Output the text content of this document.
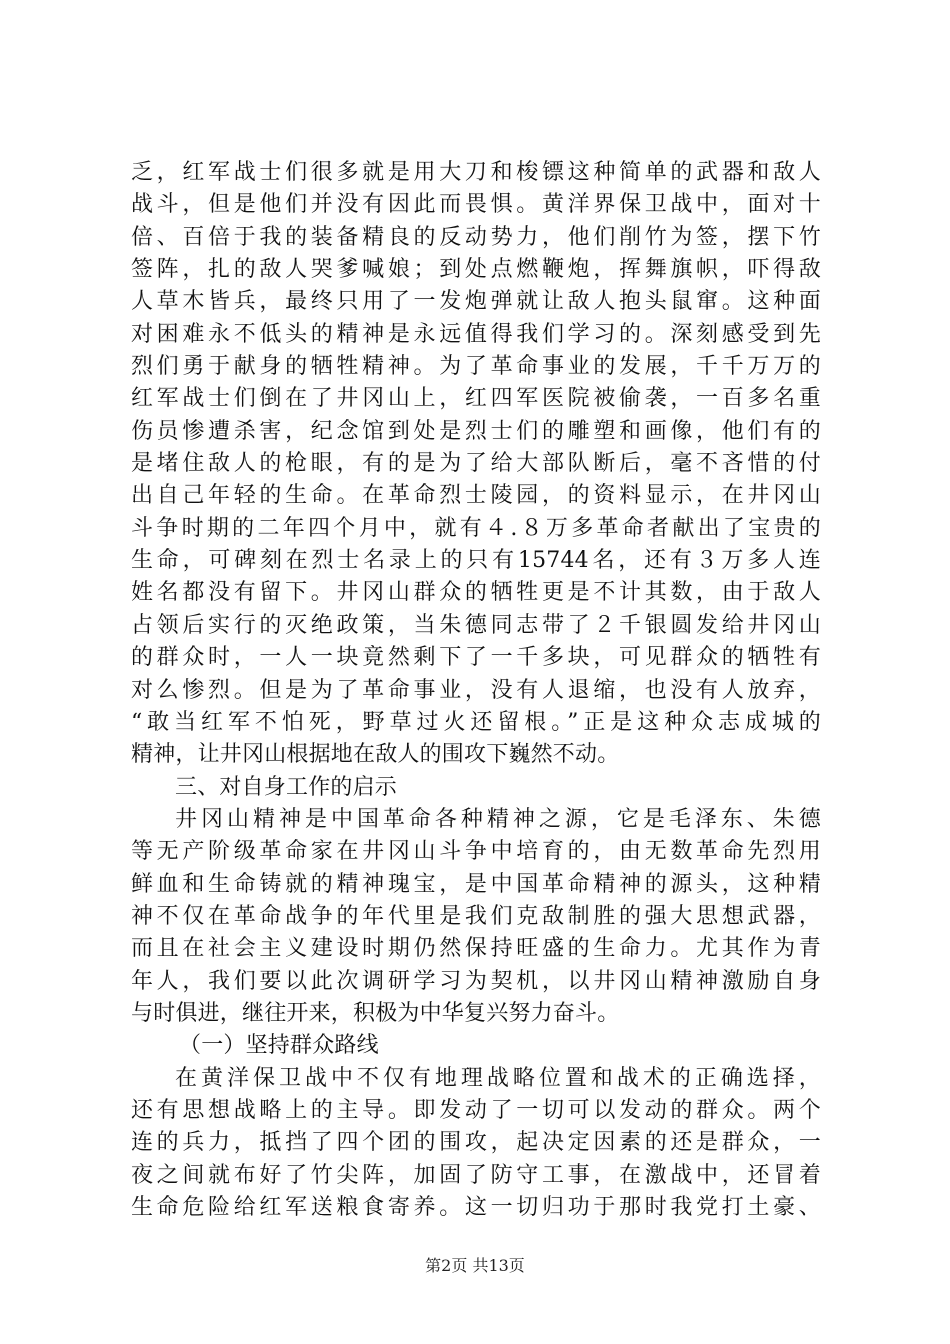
乏，红军战士们很多就是用大刀和梭镖这种简单的武器和敌人
战斗，但是他们并没有因此而畏惧。黄洋界保卫战中，面对十
倍、百倍于我的装备精良的反动势力，他们削竹为签，摆下竹
签阵，扎的敌人哭爹喊娘；到处点燃鞭炮，挥舞旗帜，吓得敌
人草木皆兵，最终只用了一发炮弹就让敌人抱头鼠窜。这种面
对困难永不低头的精神是永远值得我们学习的。深刻感受到先
烈们勇于献身的牺牲精神。为了革命事业的发展，千千万万的
红军战士们倒在了井冈山上，红四军医院被偷袭，一百多名重
伤员惨遭杀害，纪念馆到处是烈士们的雕塑和画像，他们有的
是堵住敌人的枪眼，有的是为了给大部队断后，毫不吝惜的付
出自己年轻的生命。在革命烈士陵园，的资料显示，在井冈山
斗争时期的二年四个月中，就有４.８万多革命者献出了宝贵的
生命，可碑刻在烈士名录上的只有15744名，还有３万多人连
姓名都没有留下。井冈山群众的牺牲更是不计其数，由于敌人
占领后实行的灭绝政策，当朱德同志带了２千银圆发给井冈山
的群众时，一人一块竟然剩下了一千多块，可见群众的牺牲有
对么惨烈。但是为了革命事业，没有人退缩，也没有人放弃，
“敢当红军不怕死，野草过火还留根。”正是这种众志成城的
精神，让井冈山根据地在敌人的围攻下巍然不动。
三、对自身工作的启示
井冈山精神是中国革命各种精神之源，它是毛泽东、朱德
等无产阶级革命家在井冈山斗争中培育的，由无数革命先烈用
鲜血和生命铸就的精神瑰宝，是中国革命精神的源头，这种精
神不仅在革命战争的年代里是我们克敌制胜的强大思想武器，
而且在社会主义建设时期仍然保持旺盛的生命力。尤其作为青
年人，我们要以此次调研学习为契机，以井冈山精神激励自身
与时俱进，继往开来，积极为中华复兴努力奋斗。
（一）坚持群众路线
在黄洋保卫战中不仅有地理战略位置和战术的正确选择，
还有思想战略上的主导。即发动了一切可以发动的群众。两个
连的兵力，抵挡了四个团的围攻，起决定因素的还是群众，一
夜之间就布好了竹尖阵，加固了防守工事，在激战中，还冒着
生命危险给红军送粮食寄养。这一切归功于那时我党打土豪、
第2页 共13页
